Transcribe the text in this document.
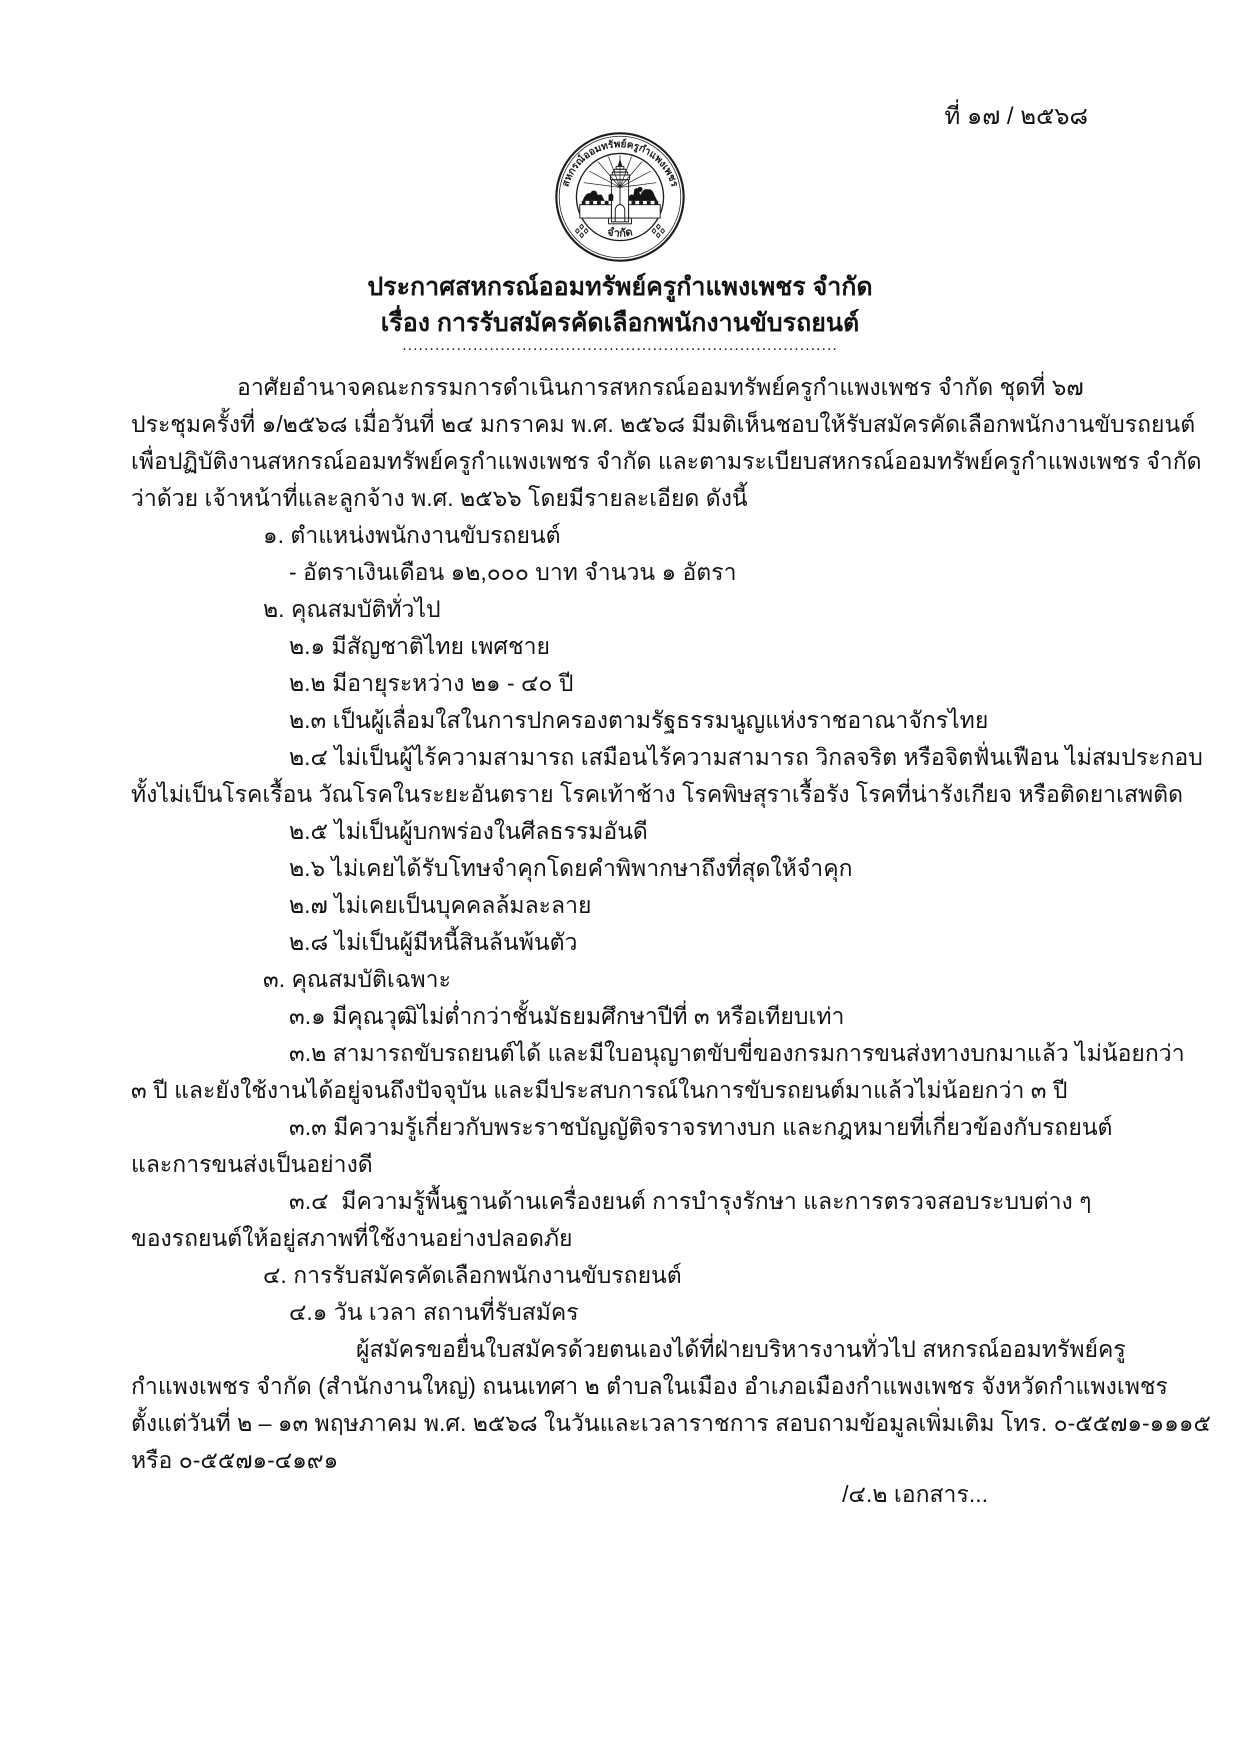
ที่ ๑๗ / ๒๕๖๘
สหกรณ์ออมทรัพย์ครูกำแพงเพชร
จำกัด
ประกาศสหกรณ์ออมทรัพย์ครูกำแพงเพชร จำกัด
เรื่อง การรับสมัครคัดเลือกพนักงานขับรถยนต์
................................................................................
อาศัยอำนาจคณะกรรมการดำเนินการสหกรณ์ออมทรัพย์ครูกำแพงเพชร จำกัด ชุดที่ ๖๗
ประชุมครั้งที่ ๑/๒๕๖๘ เมื่อวันที่ ๒๔ มกราคม พ.ศ. ๒๕๖๘ มีมติเห็นชอบให้รับสมัครคัดเลือกพนักงานขับรถยนต์
เพื่อปฏิบัติงานสหกรณ์ออมทรัพย์ครูกำแพงเพชร จำกัด และตามระเบียบสหกรณ์ออมทรัพย์ครูกำแพงเพชร จำกัด
ว่าด้วย เจ้าหน้าที่และลูกจ้าง พ.ศ. ๒๕๖๖ โดยมีรายละเอียด ดังนี้
๑. ตำแหน่งพนักงานขับรถยนต์
- อัตราเงินเดือน ๑๒,๐๐๐ บาท จำนวน ๑ อัตรา
๒. คุณสมบัติทั่วไป
๒.๑ มีสัญชาติไทย เพศชาย
๒.๒ มีอายุระหว่าง ๒๑ - ๔๐ ปี
๒.๓ เป็นผู้เลื่อมใสในการปกครองตามรัฐธรรมนูญแห่งราชอาณาจักรไทย
๒.๔ ไม่เป็นผู้ไร้ความสามารถ เสมือนไร้ความสามารถ วิกลจริต หรือจิตฟั่นเฟือน ไม่สมประกอบ
ทั้งไม่เป็นโรคเรื้อน วัณโรคในระยะอันตราย โรคเท้าช้าง โรคพิษสุราเรื้อรัง โรคที่น่ารังเกียจ หรือติดยาเสพติด
๒.๕ ไม่เป็นผู้บกพร่องในศีลธรรมอันดี
๒.๖ ไม่เคยได้รับโทษจำคุกโดยคำพิพากษาถึงที่สุดให้จำคุก
๒.๗ ไม่เคยเป็นบุคคลล้มละลาย
๒.๘ ไม่เป็นผู้มีหนี้สินล้นพ้นตัว
๓. คุณสมบัติเฉพาะ
๓.๑ มีคุณวุฒิไม่ต่ำกว่าชั้นมัธยมศึกษาปีที่ ๓ หรือเทียบเท่า
๓.๒ สามารถขับรถยนต์ได้ และมีใบอนุญาตขับขี่ของกรมการขนส่งทางบกมาแล้ว ไม่น้อยกว่า
๓ ปี และยังใช้งานได้อยู่จนถึงปัจจุบัน และมีประสบการณ์ในการขับรถยนต์มาแล้วไม่น้อยกว่า ๓ ปี
๓.๓ มีความรู้เกี่ยวกับพระราชบัญญัติจราจรทางบก และกฎหมายที่เกี่ยวข้องกับรถยนต์
และการขนส่งเป็นอย่างดี
๓.๔  มีความรู้พื้นฐานด้านเครื่องยนต์ การบำรุงรักษา และการตรวจสอบระบบต่าง ๆ
ของรถยนต์ให้อยู่สภาพที่ใช้งานอย่างปลอดภัย
๔. การรับสมัครคัดเลือกพนักงานขับรถยนต์
๔.๑ วัน เวลา สถานที่รับสมัคร
ผู้สมัครขอยื่นใบสมัครด้วยตนเองได้ที่ฝ่ายบริหารงานทั่วไป สหกรณ์ออมทรัพย์ครู
กำแพงเพชร จำกัด (สำนักงานใหญ่) ถนนเทศา ๒ ตำบลในเมือง อำเภอเมืองกำแพงเพชร จังหวัดกำแพงเพชร
ตั้งแต่วันที่ ๒ – ๑๓ พฤษภาคม พ.ศ. ๒๕๖๘ ในวันและเวลาราชการ สอบถามข้อมูลเพิ่มเติม โทร. ๐-๕๕๗๑-๑๑๑๕
หรือ ๐-๕๕๗๑-๔๑๙๑
/๔.๒ เอกสาร...
